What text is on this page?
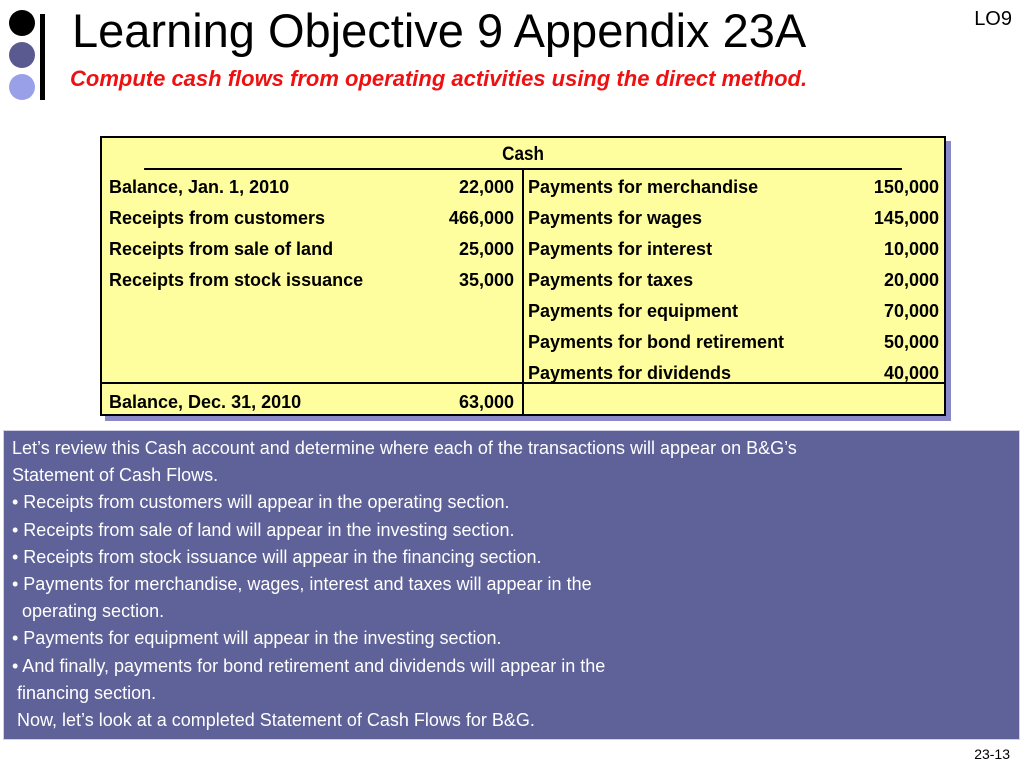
Learning Objective 9 Appendix 23A	LO9
Compute cash flows from operating activities using the direct method.
Cash
Balance, Jan. 1, 2010	22,000
Receipts from customers	466,000
Receipts from sale of land	25,000
Receipts from stock issuance	35,000
Payments for merchandise	150,000
Payments for wages	145,000
Payments for interest	10,000
Payments for taxes	20,000
Payments for equipment	70,000
Payments for bond retirement	50,000
Payments for dividends	40,000
Balance, Dec. 31, 2010	63,000

Let’s review this Cash account and determine where each of the transactions will appear on B&G’s

Statement of Cash Flows.

• Receipts from customers will appear in the operating section.

• Receipts from sale of land will appear in the investing section.

• Receipts from stock issuance will appear in the financing section.

• Payments for merchandise, wages, interest and taxes will appear in the

operating section.

• Payments for equipment will appear in the investing section.

• And finally, payments for bond retirement and dividends will appear in the

financing section.

Now, let’s look at a completed Statement of Cash Flows for B&G.

23-13
